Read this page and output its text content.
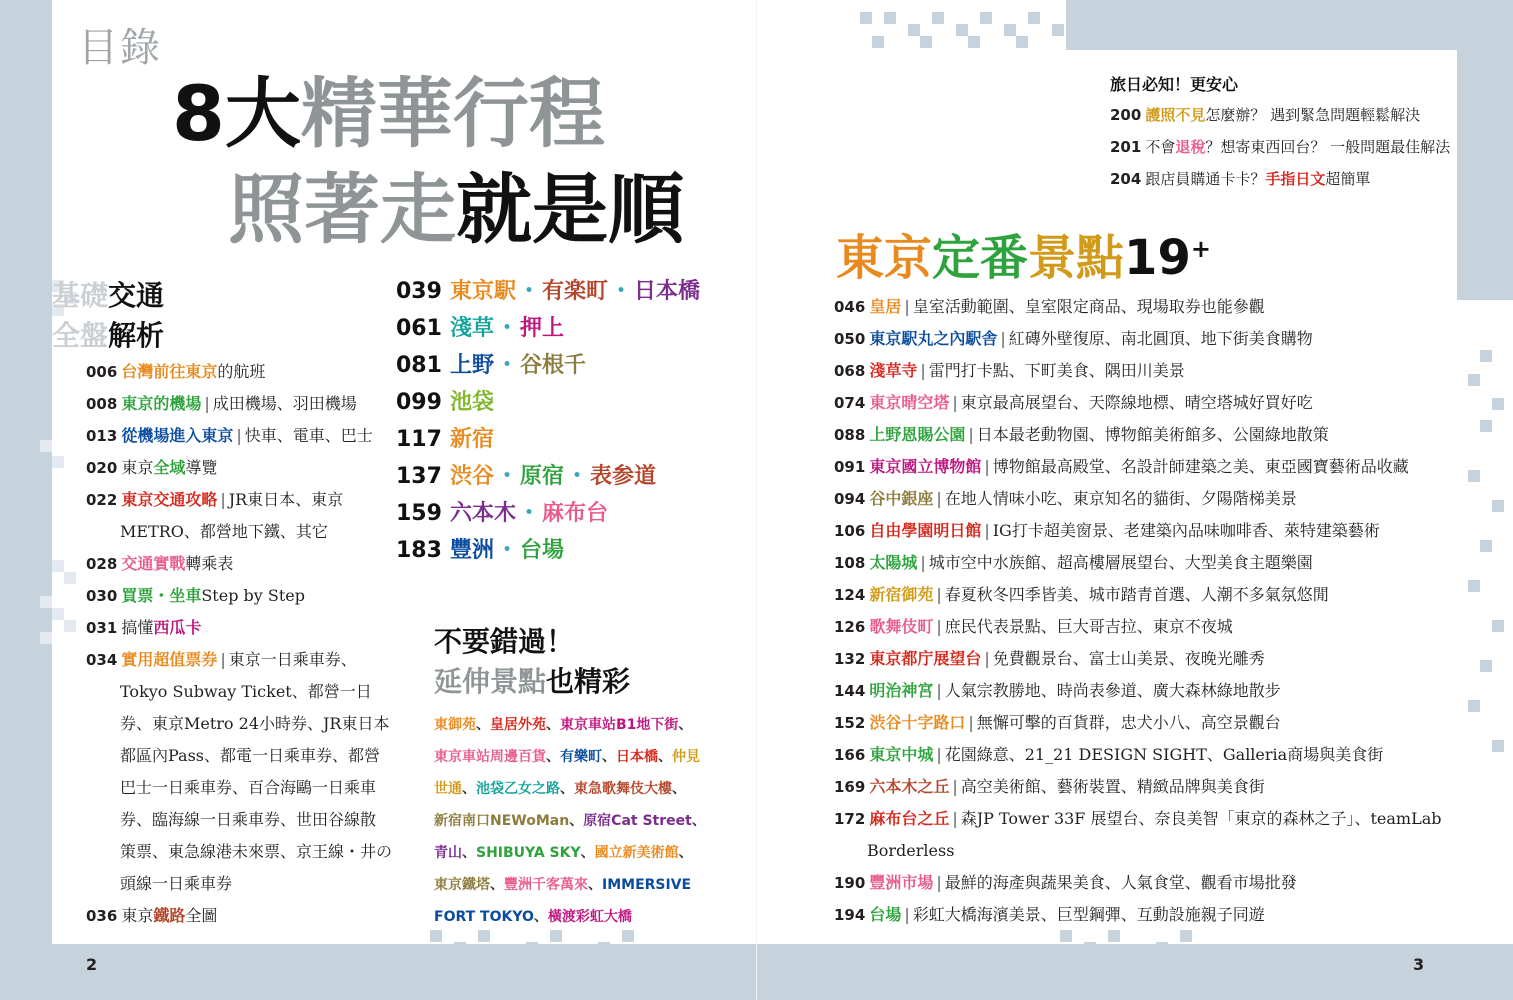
目錄
8大精華行程
照著走就是順
基礎交通
全盤解析
006 台灣前往東京的航班
008 東京的機場 | 成田機場、羽田機場
013 從機場進入東京 | 快車、電車、巴士
020 東京全域導覽
022 東京交通攻略 | JR東日本、東京
METRO、都營地下鐵、其它
028 交通實戰轉乘表
030 買票・坐車Step by Step
031 搞懂西瓜卡
034 實用超值票券 | 東京一日乘車券、
Tokyo Subway Ticket、都營一日
券、東京Metro 24小時券、JR東日本
都區內Pass、都電一日乘車券、都營
巴士一日乘車券、百合海鷗一日乘車
券、臨海線一日乘車券、世田谷線散
策票、東急線港未來票、京王線・井の
頭線一日乘車券
036 東京鐵路全圖
039 東京駅・有楽町・日本橋
061 淺草・押上
081 上野・谷根千
099 池袋
117 新宿
137 渋谷・原宿・表参道
159 六本木・麻布台
183 豐洲・台場
不要錯過！
延伸景點也精彩
東御苑、皇居外苑、東京車站B1地下街、
東京車站周邊百貨、有樂町、日本橋、仲見
世通、池袋乙女之路、東急歌舞伎大樓、
新宿南口NEWoMan、原宿Cat Street、
青山、SHIBUYA SKY、國立新美術館、
東京鐵塔、豐洲千客萬來、IMMERSIVE
FORT TOKYO、橫渡彩虹大橋
2
旅日必知！更安心
200 護照不見怎麼辦？ 遇到緊急問題輕鬆解決
201 不會退稅？想寄東西回台？ 一般問題最佳解法
204 跟店員購通卡卡？手指日文超簡單
東京定番景點19+
046 皇居 | 皇室活動範圍、皇室限定商品、現場取券也能參觀
050 東京駅丸之內駅舎 | 紅磚外壁復原、南北圓頂、地下街美食購物
068 淺草寺 | 雷門打卡點、下町美食、隅田川美景
074 東京晴空塔 | 東京最高展望台、天際線地標、晴空塔城好買好吃
088 上野恩賜公園 | 日本最老動物園、博物館美術館多、公園綠地散策
091 東京國立博物館 | 博物館最高殿堂、名設計師建築之美、東亞國寶藝術品收藏
094 谷中銀座 | 在地人情味小吃、東京知名的貓街、夕陽階梯美景
106 自由學園明日館 | IG打卡超美窗景、老建築內品味咖啡香、萊特建築藝術
108 太陽城 | 城市空中水族館、超高樓層展望台、大型美食主題樂園
124 新宿御苑 | 春夏秋冬四季皆美、城市踏青首選、人潮不多氣氛悠閒
126 歌舞伎町 | 庶民代表景點、巨大哥吉拉、東京不夜城
132 東京都庁展望台 | 免費觀景台、富士山美景、夜晚光雕秀
144 明治神宮 | 人氣宗教勝地、時尚表參道、廣大森林綠地散步
152 渋谷十字路口 | 無懈可擊的百貨群，忠犬小八、高空景觀台
166 東京中城 | 花園綠意、21_21 DESIGN SIGHT、Galleria商場與美食街
169 六本木之丘 | 高空美術館、藝術裝置、精緻品牌與美食街
172 麻布台之丘 | 森JP Tower 33F 展望台、奈良美智「東京的森林之子」、teamLab
Borderless
190 豐洲市場 | 最鮮的海產與蔬果美食、人氣食堂、觀看市場批發
194 台場 | 彩虹大橋海濱美景、巨型鋼彈、互動設施親子同遊
3
